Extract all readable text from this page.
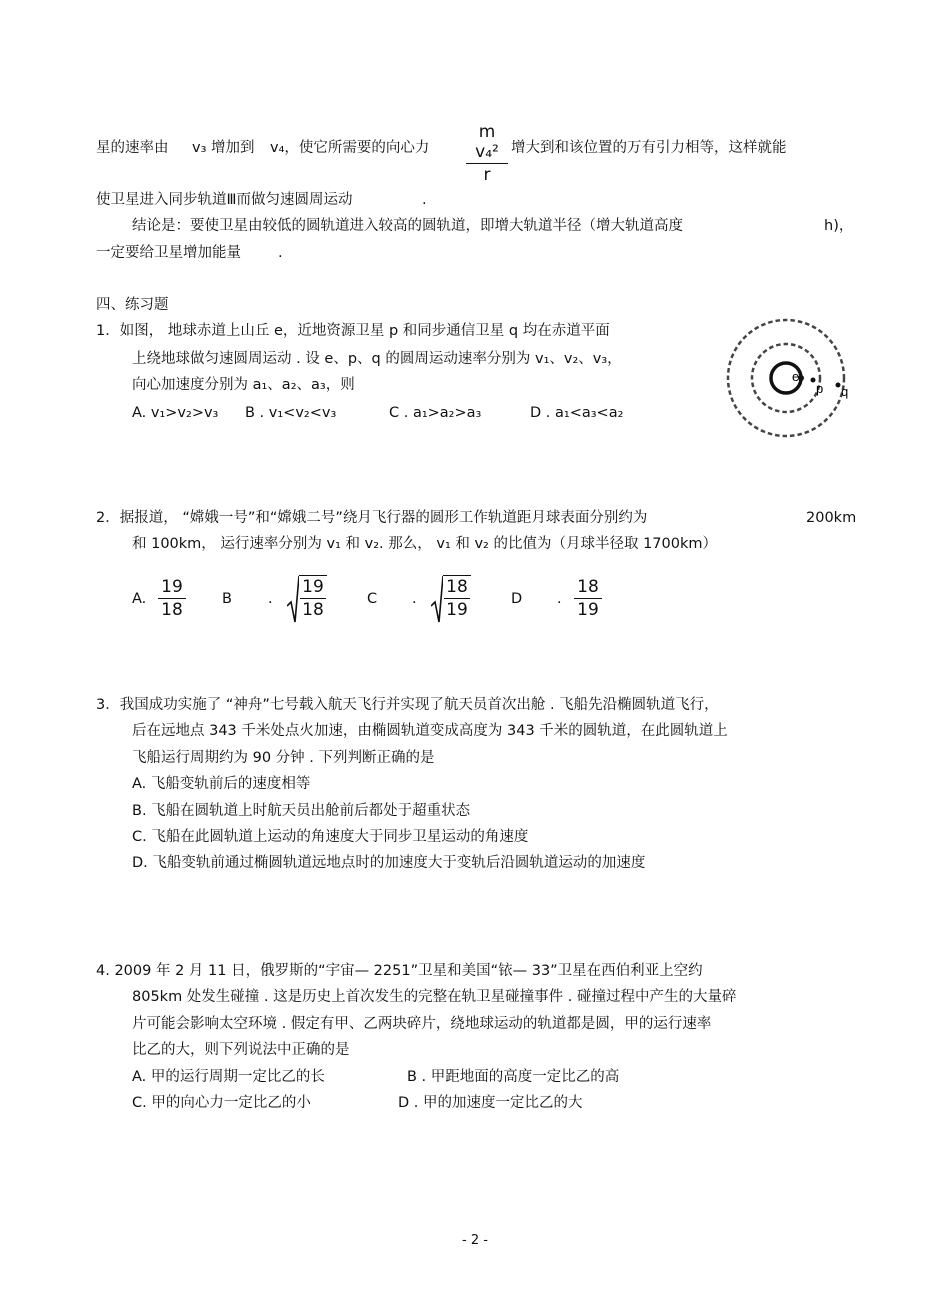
星的速率由 v₃ 增加到 v₄，使它所需要的向心力
m v₄²
r
增大到和该位置的万有引力相等，这样就能
使卫星进入同步轨道Ⅲ而做匀速圆周运动	.
结论是：要使卫星由较低的圆轨道进入较高的圆轨道，即增大轨道半径（增大轨道高度	h)，
一定要给卫星增加能量	.
四、练习题
1．如图， 地球赤道上山丘 e，近地资源卫星 p 和同步通信卫星 q 均在赤道平面
上绕地球做匀速圆周运动 . 设 e、p、q 的圆周运动速率分别为 v₁、v₂、v₃，
向心加速度分别为 a₁、a₂、a₃，则
A. v₁>v₂>v₃ B . v₁<v₂<v₃	C . a₁>a₂>a₃	D . a₁<a₃<a₂
e
p q
2．据报道， “嫦娥一号”和“嫦娥二号”绕月飞行器的圆形工作轨道距月球表面分别约为	200km
和 100km， 运行速率分别为 v₁ 和 v₂. 那么， v₁ 和 v₂ 的比值为（月球半径取 1700km）
A.
19
18
B .
19
18
C .
18
19
D .
18
19
3．我国成功实施了 “神舟”七号载入航天飞行并实现了航天员首次出舱 . 飞船先沿椭圆轨道飞行，
后在远地点 343 千米处点火加速，由椭圆轨道变成高度为 343 千米的圆轨道，在此圆轨道上
飞船运行周期约为 90 分钟 . 下列判断正确的是
A. 飞船变轨前后的速度相等
B. 飞船在圆轨道上时航天员出舱前后都处于超重状态
C. 飞船在此圆轨道上运动的角速度大于同步卫星运动的角速度
D. 飞船变轨前通过椭圆轨道远地点时的加速度大于变轨后沿圆轨道运动的加速度
4. 2009 年 2 月 11 日，俄罗斯的“宇宙— 2251”卫星和美国“铱— 33”卫星在西伯利亚上空约
805km 处发生碰撞 . 这是历史上首次发生的完整在轨卫星碰撞事件 . 碰撞过程中产生的大量碎
片可能会影响太空环境 . 假定有甲、乙两块碎片，绕地球运动的轨道都是圆，甲的运行速率
比乙的大，则下列说法中正确的是
A. 甲的运行周期一定比乙的长	B . 甲距地面的高度一定比乙的高
C. 甲的向心力一定比乙的小	D . 甲的加速度一定比乙的大
- 2 -
